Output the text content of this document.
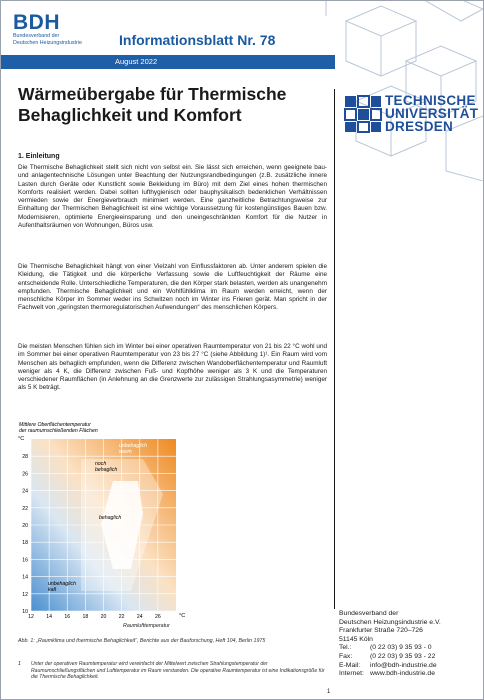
BDH
Bundesverband der
Deutschen Heizungsindustrie	Informationsblatt Nr. 78
August 2022
Wärmeübergabe für Thermische Behaglichkeit und Komfort
TECHNISCHE
UNIVERSITÄT
DRESDEN
1. Einleitung
Die Thermische Behaglichkeit stellt sich nicht von selbst ein. Sie lässt sich erreichen, wenn geeignete bau- und anlagentechnische Lösungen unter Beachtung der Nutzungsrandbedingungen (z.B. zusätzliche innere Lasten durch Geräte oder Kunstlicht sowie Bekleidung im Büro) mit dem Ziel eines hohen thermischen Komforts realisiert werden. Dabei sollten lufthygienisch oder bauphysikalisch bedenklichen Verhältnissen vermieden sowie der Energieverbrauch minimiert werden. Eine ganzheitliche Betrachtungsweise zur Einhaltung der Thermischen Behaglichkeit ist eine wichtige Voraussetzung für kostengünstiges Bauen bzw. Modernisieren, optimierte Energieeinsparung und den uneingeschränkten Komfort für die Nutzer in Aufenthaltsräumen von Wohnungen, Büros usw.
Die Thermische Behaglichkeit hängt von einer Vielzahl von Einflussfaktoren ab. Unter anderem spielen die Kleidung, die Tätigkeit und die körperliche Verfassung sowie die Luftfeuchtigkeit der Räume eine entscheidende Rolle. Unterschiedliche Temperaturen, die den Körper stark belasten, werden als unangenehm empfunden. Thermische Behaglichkeit und ein Wohlfühlklima im Raum werden erreicht, wenn der menschliche Körper im Sommer weder ins Schwitzen noch im Winter ins Frieren gerät. Man spricht in der Fachwelt von „geringsten thermoregulatorischen Aufwendungen“ des menschlichen Körpers.
Die meisten Menschen fühlen sich im Winter bei einer operativen Raumtemperatur von 21 bis 22 °C wohl und im Sommer bei einer operativen Raumtemperatur von 23 bis 27 °C (siehe Abbildung 1)¹. Ein Raum wird vom Menschen als behaglich empfunden, wenn die Differenz zwischen Wandoberflächentemperatur und Raumluft weniger als 4 K, die Differenz zwischen Fuß- und Kopfhöhe weniger als 3 K und die Temperaturen verschiedener Raumflächen (in Anlehnung an die Grenzwerte zur zulässigen Strahlungsasymmetrie) weniger als 5 K beträgt.
Mittlere Oberflächentemperatur
der raumumschließenden Flächen
°C
unbehaglich
warm
noch
behaglich
behaglich
unbehaglich
kalt
10
12
14
16
18
20
22
24
26
28
12 14 16 18 20 22 24 26	°C
Raumlufttemperatur
Abb. 1: „Raumklima und thermische Behaglichkeit“, Berichte aus der Bauforschung, Heft 104, Berlin 1975
1 Unter der operativen Raumtemperatur wird vereinfacht der Mittelwert zwischen Strahlungstemperatur der Raumumschließungsflächen und Lufttemperatur im Raum verstanden. Die operative Raumtemperatur ist eine Indikationsgröße für die Thermische Behaglichkeit.
Bundesverband der
Deutschen Heizungsindustrie e.V.
Frankfurter Straße 720–726
51145 Köln
Tel.:	(0 22 03) 9 35 93 - 0
Fax:	(0 22 03) 9 35 93 - 22
E-Mail:	info@bdh-industrie.de
Internet: www.bdh-industrie.de
1
